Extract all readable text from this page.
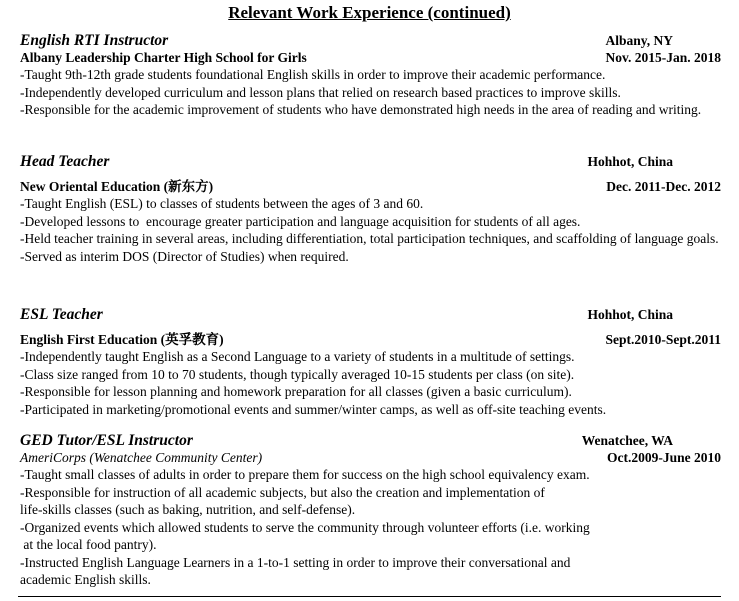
Relevant Work Experience (continued)
English RTI Instructor	Albany, NY
Albany Leadership Charter High School for Girls	Nov. 2015-Jan. 2018
-Taught 9th-12th grade students foundational English skills in order to improve their academic performance.
-Independently developed curriculum and lesson plans that relied on research based practices to improve skills.
-Responsible for the academic improvement of students who have demonstrated high needs in the area of reading and writing.
Head Teacher	Hohhot, China
New Oriental Education (新东方)	Dec. 2011-Dec. 2012
-Taught English (ESL) to classes of students between the ages of 3 and 60.
-Developed lessons to  encourage greater participation and language acquisition for students of all ages.
-Held teacher training in several areas, including differentiation, total participation techniques, and scaffolding of language goals.
-Served as interim DOS (Director of Studies) when required.
ESL Teacher	Hohhot, China
English First Education (英孚教育)	Sept.2010-Sept.2011
-Independently taught English as a Second Language to a variety of students in a multitude of settings.
-Class size ranged from 10 to 70 students, though typically averaged 10-15 students per class (on site).
-Responsible for lesson planning and homework preparation for all classes (given a basic curriculum).
-Participated in marketing/promotional events and summer/winter camps, as well as off-site teaching events.
GED Tutor/ESL Instructor	Wenatchee, WA
AmeriCorps (Wenatchee Community Center)	Oct.2009-June 2010
-Taught small classes of adults in order to prepare them for success on the high school equivalency exam.
-Responsible for instruction of all academic subjects, but also the creation and implementation of
life-skills classes (such as baking, nutrition, and self-defense).
-Organized events which allowed students to serve the community through volunteer efforts (i.e. working
at the local food pantry).
-Instructed English Language Learners in a 1-to-1 setting in order to improve their conversational and
academic English skills.
